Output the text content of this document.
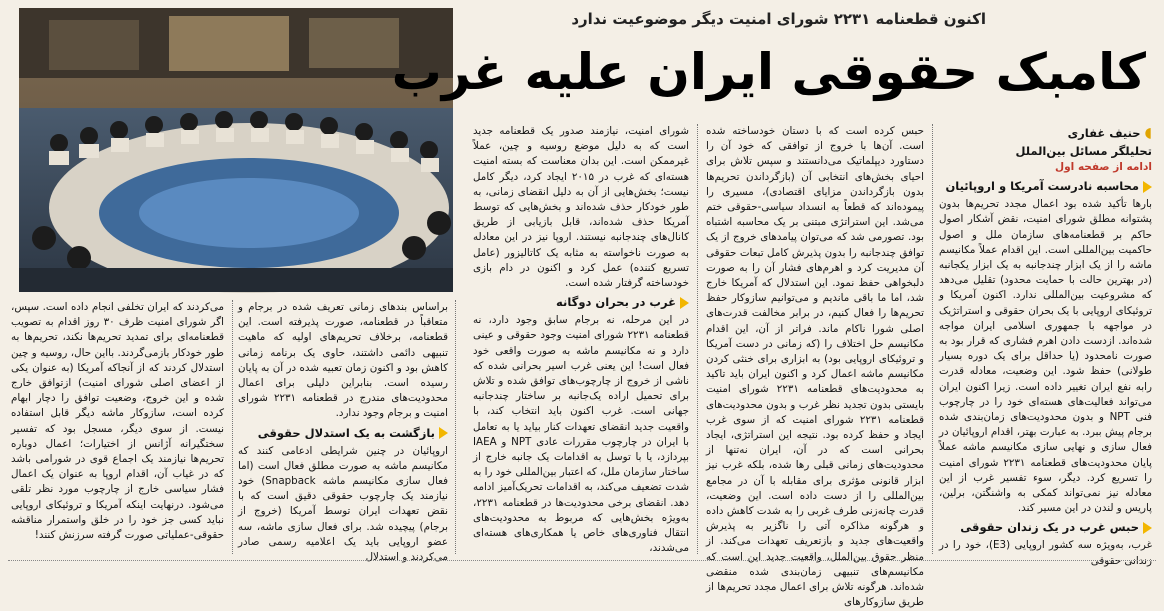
اکنون قطعنامه ۲۲۳۱ شورای امنیت دیگر موضوعیت ندارد
کامبک حقوقی ایران علیه غرب
◖حنیف غفاری
تحلیلگر مسائل بین‌الملل
ادامه از صفحه اول
محاسبه نادرست آمریکا و اروپائیان

بارها تأکید شده بود اعمال مجدد تحریم‌ها بدون پشتوانه مطلق شورای امنیت، نقض آشکار اصول حاکم بر قطعنامه‌های سازمان ملل و اصول حاکمیت بین‌المللی است. این اقدام عملاً مکانیسم ماشه را از یک ابزار چندجانبه به یک ابزار یکجانبه (در بهترین حالت با حمایت محدود) تقلیل می‌دهد که مشروعیت بین‌المللی ندارد. اکنون آمریکا و تروئیکای اروپایی با یک بحران حقوقی و استراتژیک در مواجهه با جمهوری اسلامی ایران مواجه شده‌اند. ازدست دادن اهرم فشاری که قرار بود به صورت نامحدود (یا حداقل برای یک دوره بسیار طولانی) حفظ شود. این وضعیت، معادله قدرت رابه نفع ایران تغییر داده است. زیرا اکنون ایران می‌تواند فعالیت‌های هسته‌ای خود را در چارچوب فنی NPT و بدون محدودیت‌های زمان‌بندی شده برجام پیش ببرد. به عبارت بهتر، اقدام اروپائیان در فعال سازی و نهایی سازی مکانیسم ماشه عملاً پایان محدودیت‌های قطعنامه ۲۲۳۱ شورای امنیت را تسریع کرد. دیگر، سوء تفسیر غرب از این معادله نیز نمی‌تواند کمکی به واشنگتن، برلین، پاریس و لندن در این مسیر کند.

حبس غرب در یک زندان حقوقی

غرب، به‌ویژه سه کشور اروپایی (E3)، خود را در زندانی حقوقی

حبس کرده است که با دستان خودساخته شده است. آن‌ها با خروج از توافقی که خود آن را دستاورد دیپلماتیک می‌دانستند و سپس تلاش برای احیای بخش‌های انتخابی آن (بازگرداندن تحریم‌ها بدون بازگرداندن مزایای اقتصادی)، مسیری را پیموده‌اند که قطعاً به انسداد سیاسی-حقوقی ختم می‌شد. این استراتژی مبتنی بر یک محاسبه اشتباه بود. تصورمی شد که می‌توان پیامدهای خروج از یک توافق چندجانبه را بدون پذیرش کامل تبعات حقوقی آن مدیریت کرد و اهرم‌های فشار آن را به صورت دلبخواهی حفظ نمود. این استدلال که آمریکا خارج شد، اما ما باقی ماندیم و می‌توانیم سازوکار حفظ تحریم‌ها را فعال کنیم، در برابر مخالفت قدرت‌های اصلی شورا ناکام ماند. فراتر از آن، این اقدام مکانیسم حل اختلاف را (که زمانی در دست آمریکا و تروئیکای اروپایی بود) به ابزاری برای خنثی کردن مکانیسم ماشه اعمال کرد و اکنون ایران باید تاکید به محدودیت‌های قطعنامه ۲۲۳۱ شورای امنیت بایستی بدون تجدید نظر غرب و بدون محدودیت‌های قطعنامه ۲۲۳۱ شورای امنیت که از سوی غرب ایجاد و حفظ کرده بود. نتیجه این استراتژی، ایجاد بحرانی است که در آن، ایران نه‌تنها از محدودیت‌های زمانی قبلی رها شده، بلکه غرب نیز ابزار قانونی مؤثری برای مقابله با آن در مجامع بین‌المللی را از دست داده است. این وضعیت، قدرت چانه‌زنی طرف غربی را به شدت کاهش داده و هرگونه مذاکره آتی را ناگزیر به پذیرش واقعیت‌های جدید و بازتعریف تعهدات می‌کند. از منظر حقوق بین‌الملل، واقعیت جدید این است که مکانیسم‌های تنبیهی زمان‌بندی شده منقضی شده‌اند. هرگونه تلاش برای اعمال مجدد تحریم‌ها از طریق سازوکارهای

شورای امنیت، نیازمند صدور یک قطعنامه جدید است که به دلیل موضع روسیه و چین، عملاً غیرممکن است. این بدان معناست که بسته امنیت هسته‌ای که غرب در ۲۰۱۵ ایجاد کرد، دیگر کامل نیست؛ بخش‌هایی از آن به دلیل انقضای زمانی، به طور خودکار حذف شده‌اند و بخش‌هایی که توسط آمریکا حذف شده‌اند، قابل بازیابی از طریق کانال‌های چندجانبه نیستند. اروپا نیز در این معادله به صورت ناخواسته به مثابه یک کاتالیزور (عامل تسریع کننده) عمل کرد و اکنون در دام بازی خودساخته گرفتار شده است.

غرب در بحران دوگانه

در این مرحله، نه برجام سابق وجود دارد، نه قطعنامه ۲۲۳۱ شورای امنیت وجود حقوقی و عینی دارد و نه مکانیسم ماشه به صورت واقعی خود فعال است! این یعنی غرب اسیر بحرانی شده که ناشی از خروج از چارچوب‌های توافق شده و تلاش برای تحمیل اراده یک‌جانبه بر ساختار چندجانبه جهانی است. غرب اکنون باید انتخاب کند، با واقعیت جدید انقضای تعهدات کنار بیاید یا به تعامل با ایران در چارچوب مقررات عادی NPT و IAEA بپردازد، یا با توسل به اقدامات یک جانبه خارج از ساختار سازمان ملل، که اعتبار بین‌المللی خود را به شدت تضعیف می‌کند، به اقدامات تحریک‌آمیز ادامه دهد. انقضای برخی محدودیت‌ها در قطعنامه ۲۲۳۱، به‌ویژه بخش‌هایی که مربوط به محدودیت‌های انتقال فناوری‌های خاص یا همکاری‌های هسته‌ای می‌شدند،

براساس بندهای زمانی تعریف شده در برجام و متعاقباً در قطعنامه، صورت پذیرفته است. این قطعنامه، برخلاف تحریم‌های اولیه که ماهیت تنبیهی دائمی داشتند، حاوی یک برنامه زمانی کاهش بود و اکنون زمان تعبیه شده در آن به پایان رسیده است. بنابراین دلیلی برای اعمال محدودیت‌های مندرج در قطعنامه ۲۲۳۱ شورای امنیت و برجام وجود ندارد.

بازگشت به یک استدلال حقوقی

اروپائیان در چنین شرایطی ادعامی کنند که مکانیسم ماشه به صورت مطلق فعال است (اما فعال سازی مکانیسم ماشه Snapback) خود نیازمند یک چارچوب حقوقی دقیق است که با نقض تعهدات ایران توسط آمریکا (خروج از برجام) پیچیده شد. برای فعال سازی ماشه، سه عضو اروپایی باید یک اعلامیه رسمی صادر می‌کردند و استدلال

می‌کردند که ایران تخلفی انجام داده است. سپس، اگر شورای امنیت ظرف ۳۰ روز اقدام به تصویب قطعنامه‌ای برای تمدید تحریم‌ها نکند، تحریم‌ها به طور خودکار بازمی‌گردند. بااین حال، روسیه و چین استدلال کردند که از آنجاکه آمریکا (به عنوان یکی از اعضای اصلی شورای امنیت) ازتوافق خارج شده و این خروج، وضعیت توافق را دچار ابهام کرده است، سازوکار ماشه دیگر قابل استفاده نیست. از سوی دیگر، مسجل بود که تفسیر سختگیرانه آژانس از اختیارات؛ اعمال دوباره تحریم‌ها نیازمند یک اجماع قوی در شورامی باشد که در غیاب آن، اقدام اروپا به عنوان یک اعمال فشار سیاسی خارج از چارچوب مورد نظر تلقی می‌شود. درنهایت اینکه آمریکا و تروئیکای اروپایی نباید کسی جز خود را در خلق واستمرار مناقشه حقوقی-عملیاتی صورت گرفته سرزنش کنند!
